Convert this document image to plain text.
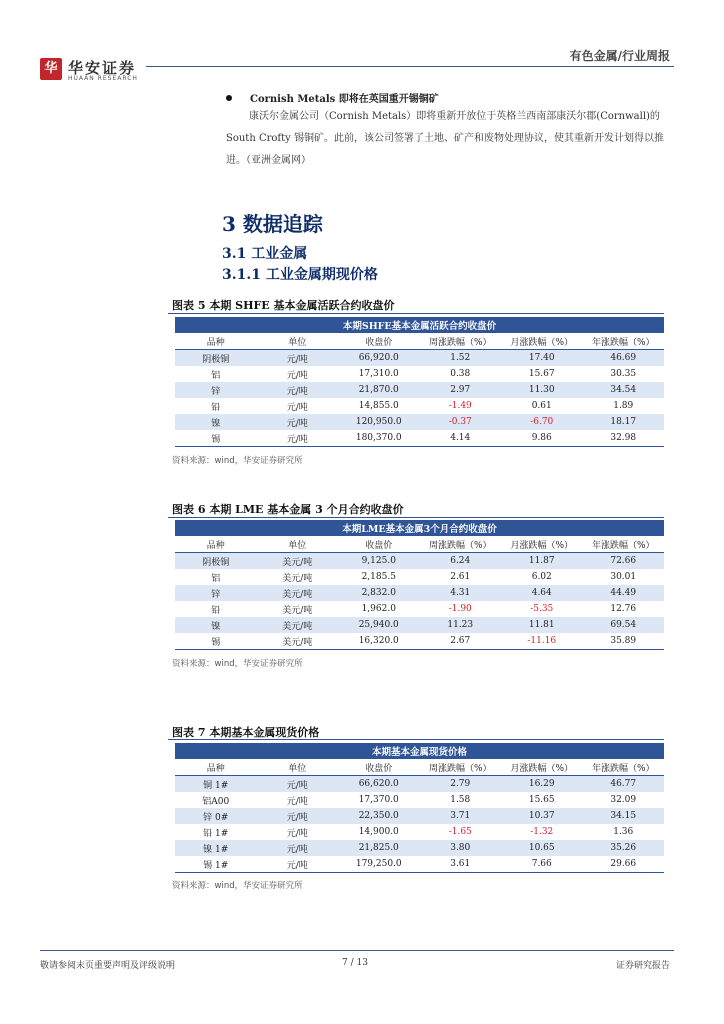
华 华安证券
HUAAN RESEARCH
有色金属/行业周报
Cornish Metals 即将在英国重开锡铜矿
康沃尔金属公司（Cornish Metals）即将重新开放位于英格兰西南部康沃尔郡(Cornwall)的 South Crofty 锡铜矿。此前，该公司签署了土地、矿产和废物处理协议，使其重新开发计划得以推进。（亚洲金属网）
3 数据追踪
3.1 工业金属
3.1.1 工业金属期现价格
图表 5 本期 SHFE 基本金属活跃合约收盘价
本期SHFE基本金属活跃合约收盘价					
品种	单位	收盘价	周涨跌幅（%）	月涨跌幅（%）	年涨跌幅（%）
阴极铜	元/吨	66,920.0	1.52	17.40	46.69
铝	元/吨	17,310.0	0.38	15.67	30.35
锌	元/吨	21,870.0	2.97	11.30	34.54
铅	元/吨	14,855.0	-1.49	0.61	1.89
镍	元/吨	120,950.0	-0.37	-6.70	18.17
锡	元/吨	180,370.0	4.14	9.86	32.98
资料来源：wind，华安证券研究所
图表 6 本期 LME 基本金属 3 个月合约收盘价
本期LME基本金属3个月合约收盘价					
品种	单位	收盘价	周涨跌幅（%）	月涨跌幅（%）	年涨跌幅（%）
阴极铜	美元/吨	9,125.0	6.24	11.87	72.66
铝	美元/吨	2,185.5	2.61	6.02	30.01
锌	美元/吨	2,832.0	4.31	4.64	44.49
铅	美元/吨	1,962.0	-1.90	-5.35	12.76
镍	美元/吨	25,940.0	11.23	11.81	69.54
锡	美元/吨	16,320.0	2.67	-11.16	35.89
资料来源：wind，华安证券研究所
图表 7 本期基本金属现货价格
本期基本金属现货价格					
品种	单位	收盘价	周涨跌幅（%）	月涨跌幅（%）	年涨跌幅（%）
铜 1#	元/吨	66,620.0	2.79	16.29	46.77
铝A00	元/吨	17,370.0	1.58	15.65	32.09
锌 0#	元/吨	22,350.0	3.71	10.37	34.15
铅 1#	元/吨	14,900.0	-1.65	-1.32	1.36
镍 1#	元/吨	21,825.0	3.80	10.65	35.26
锡 1#	元/吨	179,250.0	3.61	7.66	29.66
资料来源：wind，华安证券研究所
敬请参阅末页重要声明及评级说明	7 / 13	证券研究报告
